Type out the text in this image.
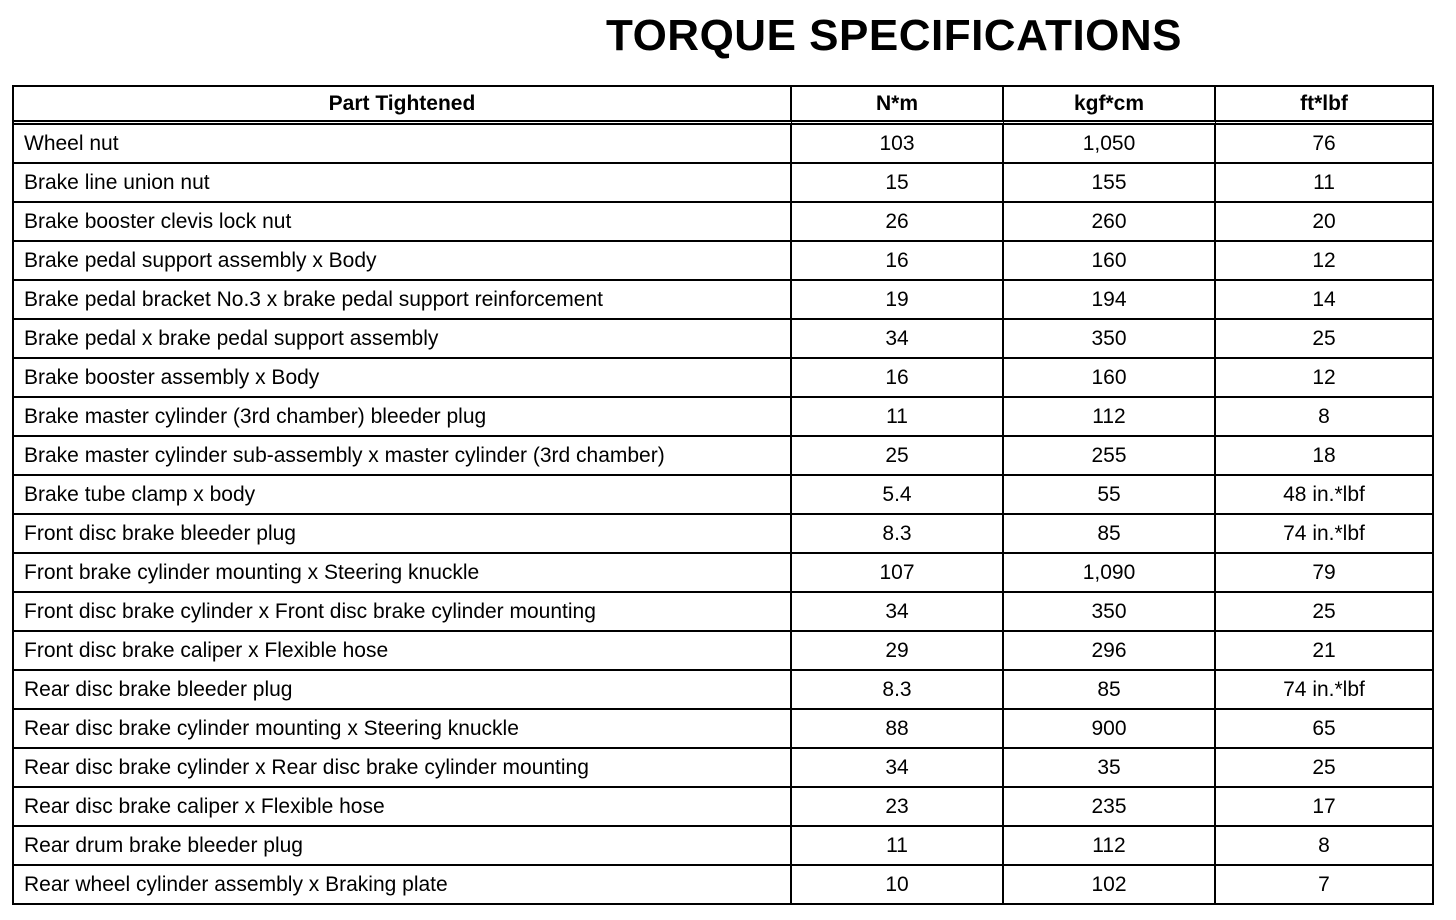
TORQUE SPECIFICATIONS
Part Tightened	N*m	kgf*cm	ft*lbf
Wheel nut	103	1,050	76
Brake line union nut	15	155	11
Brake booster clevis lock nut	26	260	20
Brake pedal support assembly x Body	16	160	12
Brake pedal bracket No.3 x brake pedal support reinforcement	19	194	14
Brake pedal x brake pedal support assembly	34	350	25
Brake booster assembly x Body	16	160	12
Brake master cylinder (3rd chamber) bleeder plug	11	112	8
Brake master cylinder sub-assembly x master cylinder (3rd chamber)	25	255	18
Brake tube clamp x body	5.4	55	48 in.*lbf
Front disc brake bleeder plug	8.3	85	74 in.*lbf
Front brake cylinder mounting x Steering knuckle	107	1,090	79
Front disc brake cylinder x Front disc brake cylinder mounting	34	350	25
Front disc brake caliper x Flexible hose	29	296	21
Rear disc brake bleeder plug	8.3	85	74 in.*lbf
Rear disc brake cylinder mounting x Steering knuckle	88	900	65
Rear disc brake cylinder x Rear disc brake cylinder mounting	34	35	25
Rear disc brake caliper x Flexible hose	23	235	17
Rear drum brake bleeder plug	11	112	8
Rear wheel cylinder assembly x Braking plate	10	102	7
